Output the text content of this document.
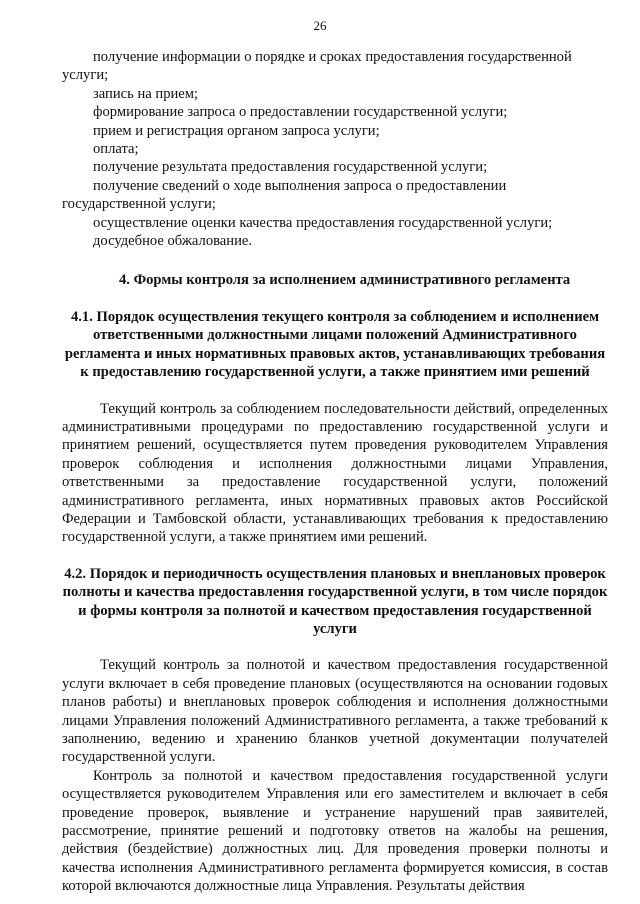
26

получение информации о порядке и сроках предоставления государственной услуги;

запись на прием;

формирование запроса о предоставлении государственной услуги;

прием и регистрация органом запроса услуги;

оплата;

получение результата предоставления государственной услуги;

получение сведений о ходе выполнения запроса о предоставлении государственной услуги;

осуществление оценки качества предоставления государственной услуги;

досудебное обжалование.

4. Формы контроля за исполнением административного регламента

4.1. Порядок осуществления текущего контроля за соблюдением и исполнением ответственными должностными лицами положений Административного регламента и иных нормативных правовых актов, устанавливающих требования к предоставлению государственной услуги, а также принятием ими решений

Текущий контроль за соблюдением последовательности действий, определенных административными процедурами по предоставлению государственной услуги и принятием решений, осуществляется путем проведения руководителем Управления проверок соблюдения и исполнения должностными лицами Управления, ответственными за предоставление государственной услуги, положений административного регламента, иных нормативных правовых актов Российской Федерации и Тамбовской области, устанавливающих требования к предоставлению государственной услуги, а также принятием ими решений.

4.2. Порядок и периодичность осуществления плановых и внеплановых проверок полноты и качества предоставления государственной услуги, в том числе порядок и формы контроля за полнотой и качеством предоставления государственной услуги

Текущий контроль за полнотой и качеством предоставления государственной услуги включает в себя проведение плановых (осуществляются на основании годовых планов работы) и внеплановых проверок соблюдения и исполнения должностными лицами Управления положений Административного регламента, а также требований к заполнению, ведению и хранению бланков учетной документации получателей государственной услуги.

Контроль за полнотой и качеством предоставления государственной услуги осуществляется руководителем Управления или его заместителем и включает в себя проведение проверок, выявление и устранение нарушений прав заявителей, рассмотрение, принятие решений и подготовку ответов на жалобы на решения, действия (бездействие) должностных лиц. Для проведения проверки полноты и качества исполнения Административного регламента формируется комиссия, в состав которой включаются должностные лица Управления. Результаты действия
